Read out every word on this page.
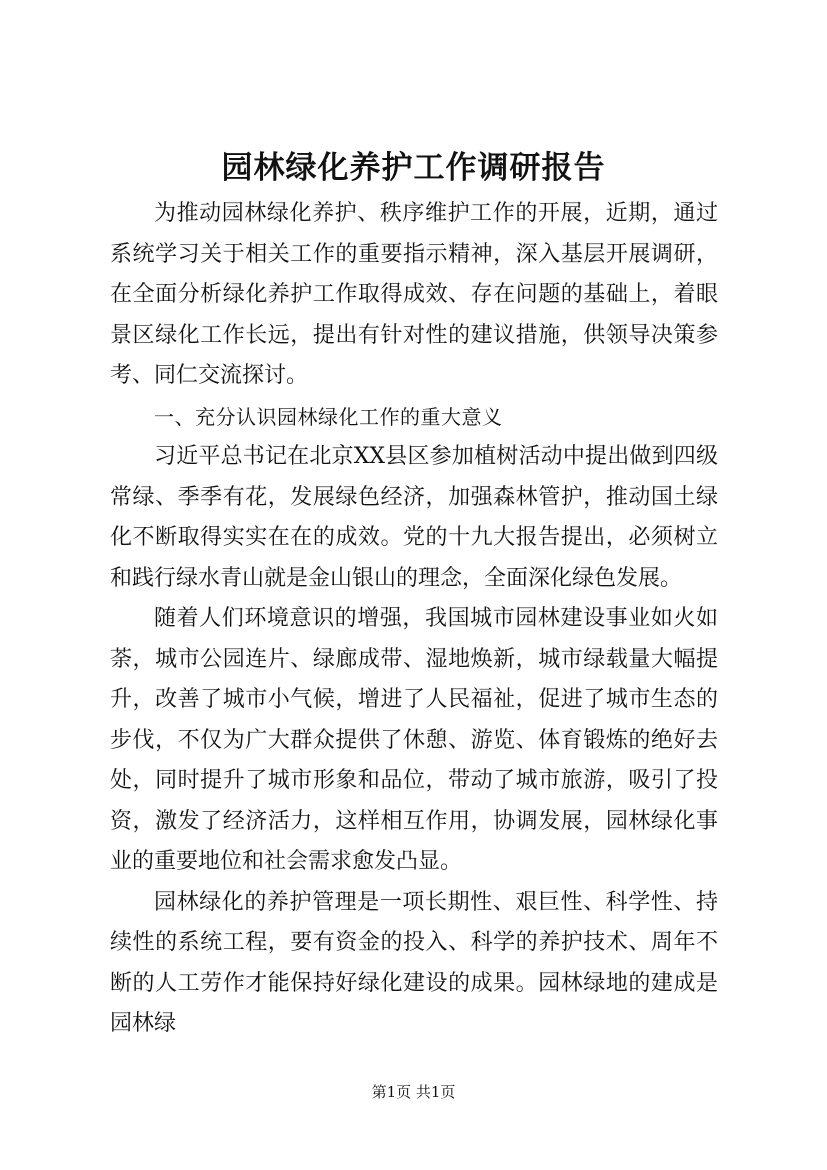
园林绿化养护工作调研报告

为推动园林绿化养护、秩序维护工作的开展，近期，通过系统学习关于相关工作的重要指示精神，深入基层开展调研，在全面分析绿化养护工作取得成效、存在问题的基础上，着眼景区绿化工作长远，提出有针对性的建议措施，供领导决策参考、同仁交流探讨。

一、充分认识园林绿化工作的重大意义

习近平总书记在北京XX县区参加植树活动中提出做到四级常绿、季季有花，发展绿色经济，加强森林管护，推动国土绿化不断取得实实在在的成效。党的十九大报告提出，必须树立和践行绿水青山就是金山银山的理念，全面深化绿色发展。

随着人们环境意识的增强，我国城市园林建设事业如火如荼，城市公园连片、绿廊成带、湿地焕新，城市绿载量大幅提升，改善了城市小气候，增进了人民福祉，促进了城市生态的步伐，不仅为广大群众提供了休憩、游览、体育锻炼的绝好去处，同时提升了城市形象和品位，带动了城市旅游，吸引了投资，激发了经济活力，这样相互作用，协调发展，园林绿化事业的重要地位和社会需求愈发凸显。

园林绿化的养护管理是一项长期性、艰巨性、科学性、持续性的系统工程，要有资金的投入、科学的养护技术、周年不断的人工劳作才能保持好绿化建设的成果。园林绿地的建成是园林绿

第1页 共1页
